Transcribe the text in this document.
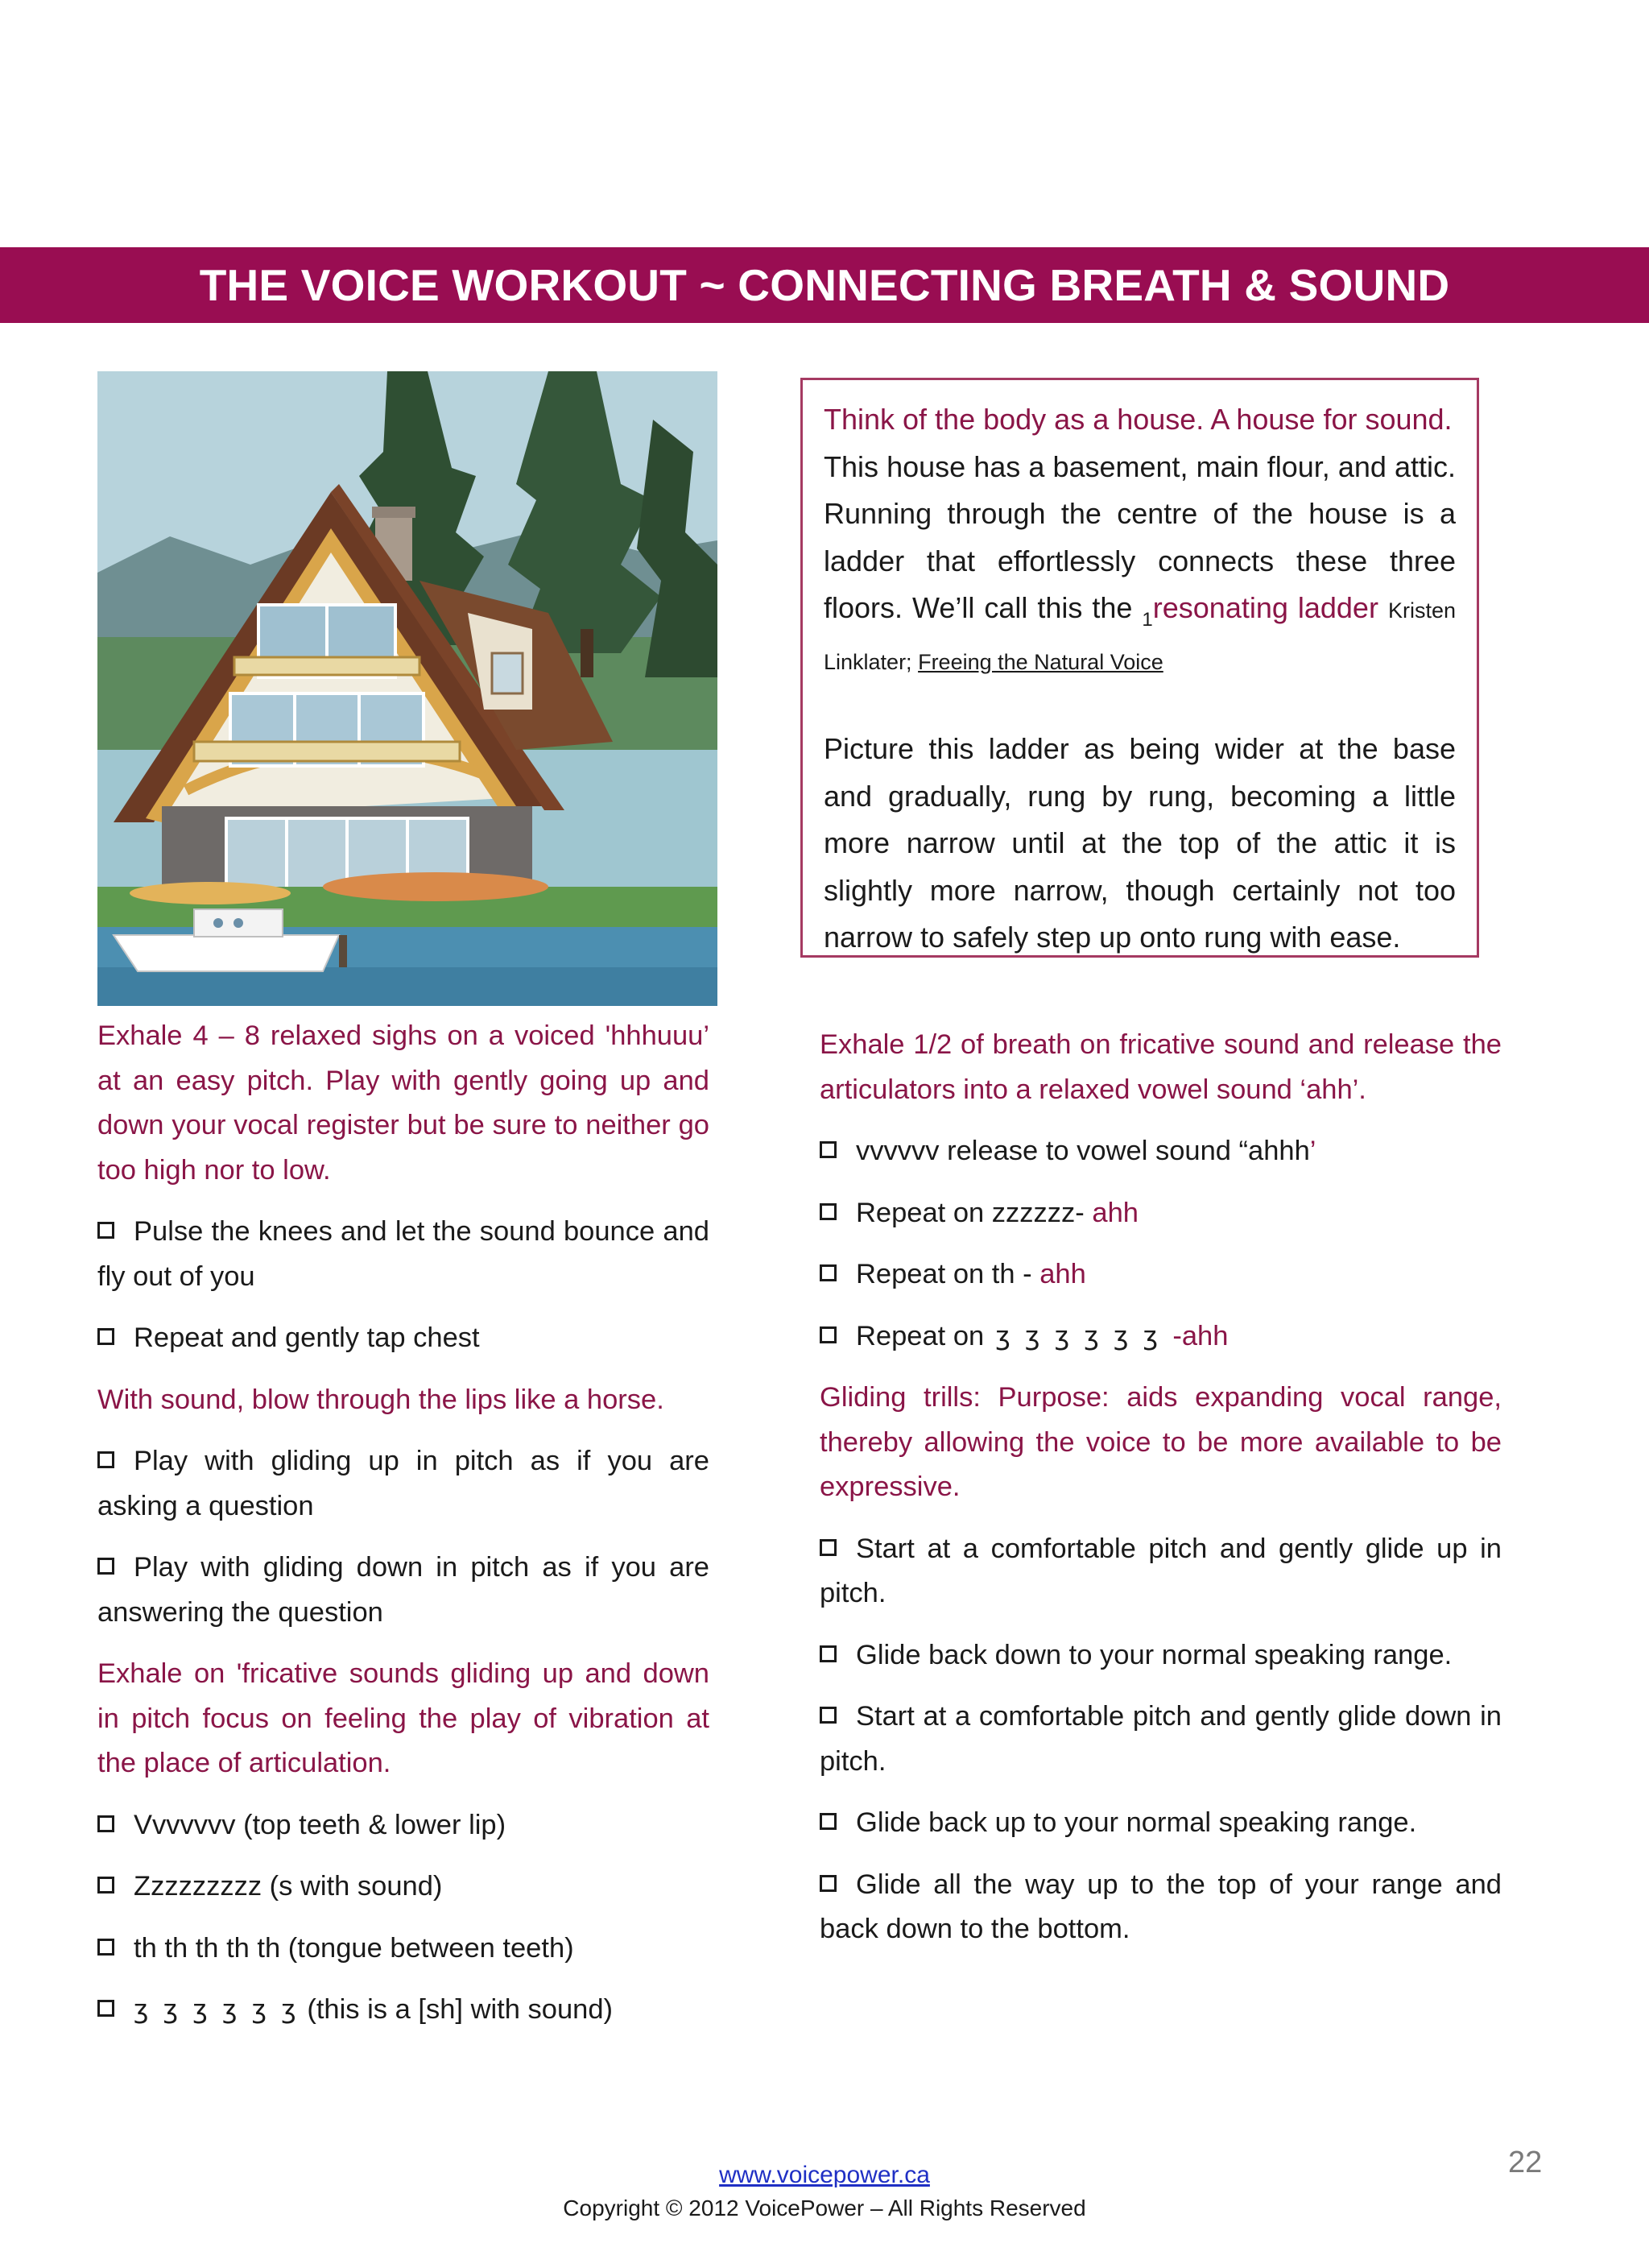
THE VOICE WORKOUT ~ CONNECTING BREATH & SOUND

Think of the body as a house. A house for sound.

This house has a basement, main flour, and attic. Running through the centre of the house is a ladder that effortlessly connects these three floors. We’ll call this the $_1$resonating ladder Kristen Linklater; Freeing the Natural Voice

Picture this ladder as being wider at the base and gradually, rung by rung, becoming a little more narrow until at the top of the attic it is slightly more narrow, though certainly not too narrow to safely step up onto rung with ease.

Exhale 4 – 8 relaxed sighs on a voiced 'hhhuuu’ at an easy pitch. Play with gently going up and down your vocal register but be sure to neither go too high nor to low.

Pulse the knees and let the sound bounce and fly out of you

Repeat and gently tap chest

With sound, blow through the lips like a horse.

Play with gliding up in pitch as if you are asking a question

Play with gliding down in pitch as if you are answering the question

Exhale on 'fricative sounds gliding up and down in pitch focus on feeling the play of vibration at the place of articulation.

Vvvvvvv (top teeth & lower lip)

Zzzzzzzzz (s with sound)

th th th th th (tongue between teeth)

ʒ ʒ ʒ ʒ ʒ ʒ (this is a [sh] with sound)

Exhale 1/2 of breath on fricative sound and release the articulators into a relaxed vowel sound ‘ahh’.

vvvvvv release to vowel sound “ahhh’

Repeat on zzzzzz- ahh

Repeat on th - ahh

Repeat on ʒ ʒ ʒ ʒ ʒ ʒ -ahh

Gliding trills: Purpose: aids expanding vocal range, thereby allowing the voice to be more available to be expressive.

Start at a comfortable pitch and gently glide up in pitch.

Glide back down to your normal speaking range.

Start at a comfortable pitch and gently glide down in pitch.

Glide back up to your normal speaking range.

Glide all the way up to the top of your range and back down to the bottom.

www.voicepower.ca
Copyright © 2012 VoicePower – All Rights Reserved
22
